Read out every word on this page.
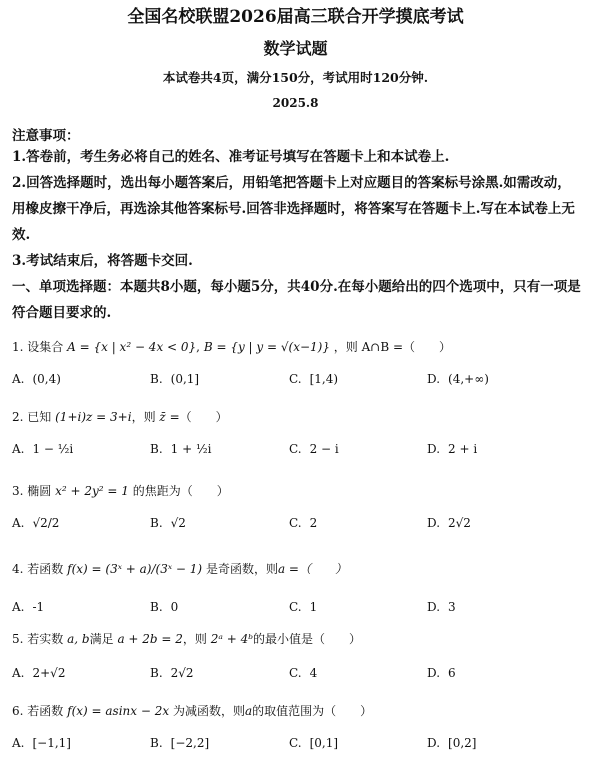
全国名校联盟2026届高三联合开学摸底考试
数学试题
本试卷共4页，满分150分，考试用时120分钟.
2025.8
注意事项：
1.答卷前，考生务必将自己的姓名、准考证号填写在答题卡上和本试卷上.
2.回答选择题时，选出每小题答案后，用铅笔把答题卡上对应题目的答案标号涂黑.如需改动，用橡皮擦干净后，再选涂其他答案标号.回答非选择题时，将答案写在答题卡上.写在本试卷上无效.
3.考试结束后，将答题卡交回.
一、单项选择题：本题共8小题，每小题5分，共40分.在每小题给出的四个选项中，只有一项是符合题目要求的.
1. 设集合 A = {x | x² − 4x < 0}, B = {y | y = √(x−1)} ，则 A∩B =（　　）
A. (0,4)	B. (0,1]	C. [1,4)	D. (4,+∞)
2. 已知 (1+i)z = 3+i，则 z̄ =（　　）
A. 1 − ½i	B. 1 + ½i	C. 2 − i	D. 2 + i
3. 椭圆 x² + 2y² = 1 的焦距为（　　）
A. √2/2	B. √2	C. 2	D. 2√2
4. 若函数 f(x) = (3ˣ + a)/(3ˣ − 1) 是奇函数，则a =（　　）
A. -1	B. 0	C. 1	D. 3
5. 若实数 a, b满足 a + 2b = 2，则 2ᵃ + 4ᵇ的最小值是（　　）
A. 2+√2	B. 2√2	C. 4	D. 6
6. 若函数 f(x) = asinx − 2x 为减函数，则a的取值范围为（　　）
A. [−1,1]	B. [−2,2]	C. [0,1]	D. [0,2]
